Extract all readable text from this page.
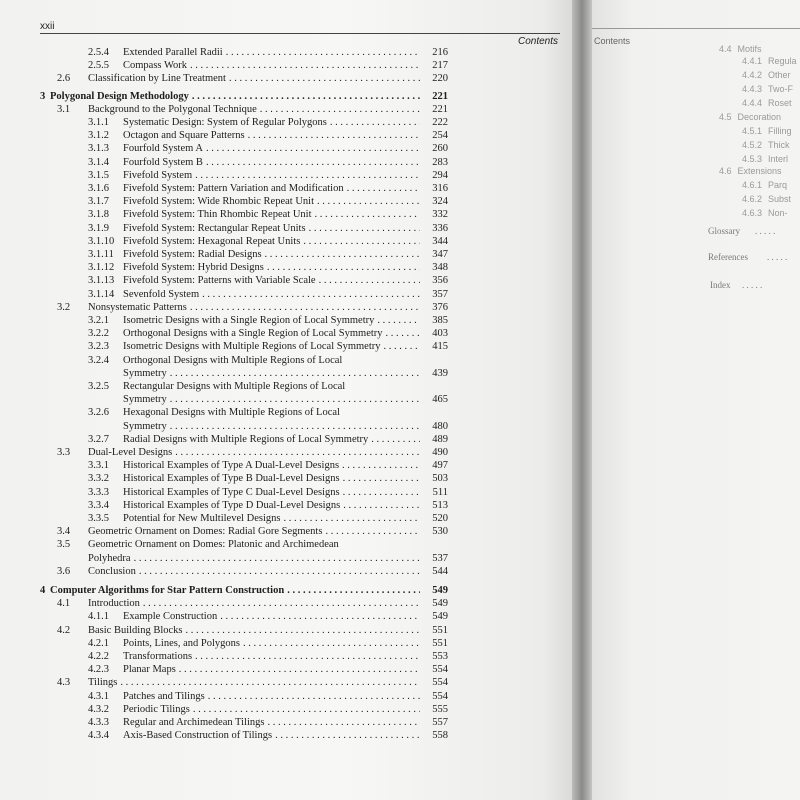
xxii
Contents
2.5.4 Extended Parallel Radii . . .	216
2.5.5 Compass Work . . .	217
2.6 Classification by Line Treatment . . .	220
3 Polygonal Design Methodology . . .	221
3.1 Background to the Polygonal Technique . . .	221
3.1.1 Systematic Design: System of Regular Polygons . . .	222
3.1.2 Octagon and Square Patterns . . .	254
3.1.3 Fourfold System A . . .	260
3.1.4 Fourfold System B . . .	283
3.1.5 Fivefold System . . .	294
3.1.6 Fivefold System: Pattern Variation and Modification . . .	316
3.1.7 Fivefold System: Wide Rhombic Repeat Unit . . .	324
3.1.8 Fivefold System: Thin Rhombic Repeat Unit . . .	332
3.1.9 Fivefold System: Rectangular Repeat Units . . .	336
3.1.10 Fivefold System: Hexagonal Repeat Units . . .	344
3.1.11 Fivefold System: Radial Designs . . .	347
3.1.12 Fivefold System: Hybrid Designs . . .	348
3.1.13 Fivefold System: Patterns with Variable Scale . . .	356
3.1.14 Sevenfold System . . .	357
3.2 Nonsystematic Patterns . . .	376
3.2.1 Isometric Designs with a Single Region of Local Symmetry . . .	385
3.2.2 Orthogonal Designs with a Single Region of Local Symmetry . . .	403
3.2.3 Isometric Designs with Multiple Regions of Local Symmetry . . .	415
3.2.4 Orthogonal Designs with Multiple Regions of Local
Symmetry . . .	439
3.2.5 Rectangular Designs with Multiple Regions of Local
Symmetry . . .	465
3.2.6 Hexagonal Designs with Multiple Regions of Local
Symmetry . . .	480
3.2.7 Radial Designs with Multiple Regions of Local Symmetry . . .	489
3.3 Dual-Level Designs . . .	490
3.3.1 Historical Examples of Type A Dual-Level Designs . . .	497
3.3.2 Historical Examples of Type B Dual-Level Designs . . .	503
3.3.3 Historical Examples of Type C Dual-Level Designs . . .	511
3.3.4 Historical Examples of Type D Dual-Level Designs . . .	513
3.3.5 Potential for New Multilevel Designs . . .	520
3.4 Geometric Ornament on Domes: Radial Gore Segments . . .	530
3.5 Geometric Ornament on Domes: Platonic and Archimedean
Polyhedra . . .	537
3.6 Conclusion . . .	544
4 Computer Algorithms for Star Pattern Construction . . .	549
4.1 Introduction . . .	549
4.1.1 Example Construction . . .	549
4.2 Basic Building Blocks . . .	551
4.2.1 Points, Lines, and Polygons . . .	551
4.2.2 Transformations . . .	553
4.2.3 Planar Maps . . .	554
4.3 Tilings . . .	554
4.3.1 Patches and Tilings . . .	554
4.3.2 Periodic Tilings . . .	555
4.3.3 Regular and Archimedean Tilings . . .	557
4.3.4 Axis-Based Construction of Tilings . . .	558
Contents
4.4 Motifs
4.4.1 Regula
4.4.2 Other
4.4.3 Two-F
4.4.4 Roset
4.5 Decoration
4.5.1 Filling
4.5.2 Thick
4.5.3 Interl
4.6 Extensions
4.6.1 Parq
4.6.2 Subst
4.6.3 Non-
Glossary . . . . .
References . . . . .
Index . . . . .
